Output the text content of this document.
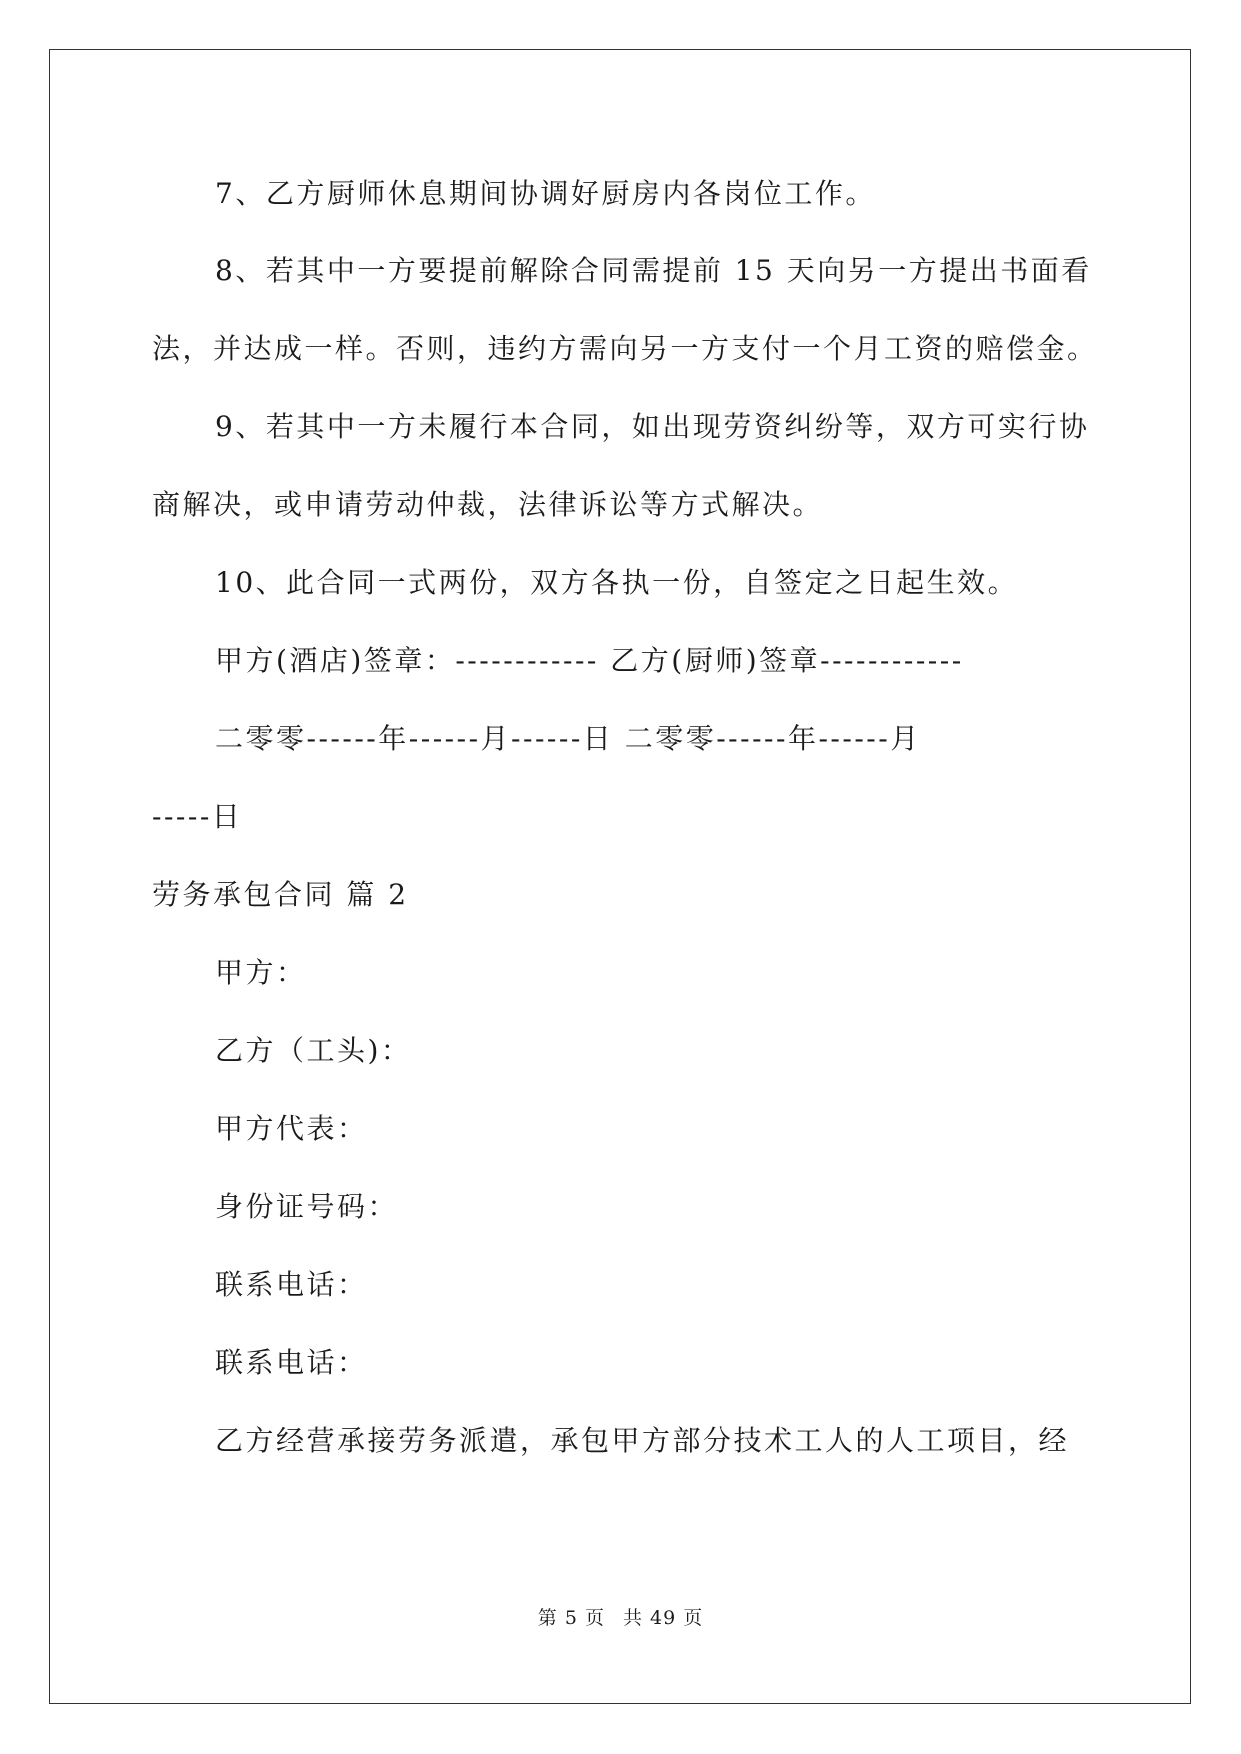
7、乙方厨师休息期间协调好厨房内各岗位工作。
8、若其中一方要提前解除合同需提前 15 天向另一方提出书面看
法，并达成一样。否则，违约方需向另一方支付一个月工资的赔偿金。
9、若其中一方未履行本合同，如出现劳资纠纷等，双方可实行协
商解决，或申请劳动仲裁，法律诉讼等方式解决。
10、此合同一式两份，双方各执一份，自签定之日起生效。
甲方(酒店)签章：------------ 乙方(厨师)签章------------
二零零------年------月------日 二零零------年------月
-----日
劳务承包合同 篇 2
甲方：
乙方（工头)：
甲方代表：
身份证号码：
联系电话：
联系电话：
乙方经营承接劳务派遣，承包甲方部分技术工人的人工项目，经
第 5 页 共 49 页
